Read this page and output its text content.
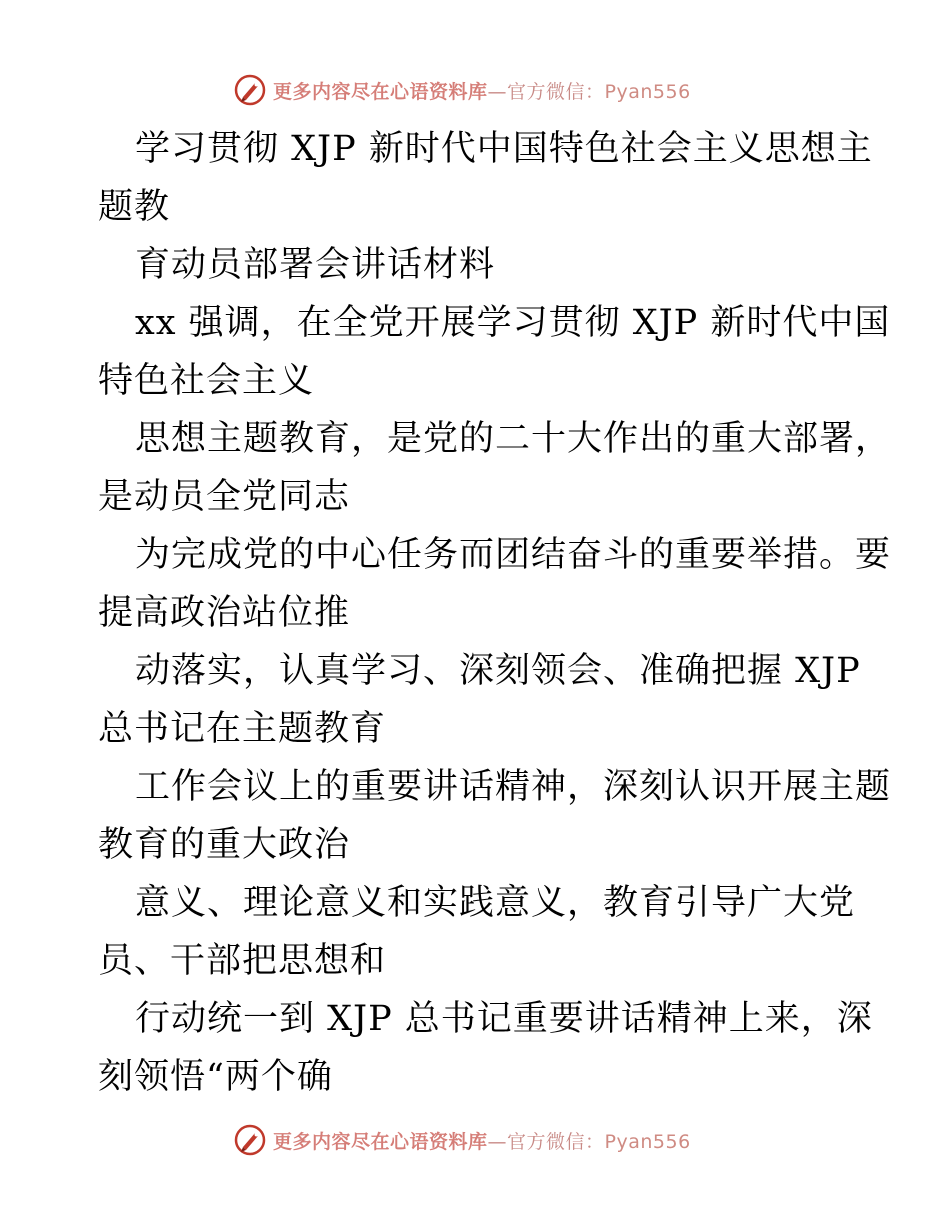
更多内容尽在心语资料库—官方微信：Pyan556
学习贯彻 XJP 新时代中国特色社会主义思想主
题教
育动员部署会讲话材料
xx 强调，在全党开展学习贯彻 XJP 新时代中国
特色社会主义
思想主题教育，是党的二十大作出的重大部署，
是动员全党同志
为完成党的中心任务而团结奋斗的重要举措。要
提高政治站位推
动落实，认真学习、深刻领会、准确把握 XJP
总书记在主题教育
工作会议上的重要讲话精神，深刻认识开展主题
教育的重大政治
意义、理论意义和实践意义，教育引导广大党
员、干部把思想和
行动统一到 XJP 总书记重要讲话精神上来，深
刻领悟“两个确
更多内容尽在心语资料库—官方微信：Pyan556
